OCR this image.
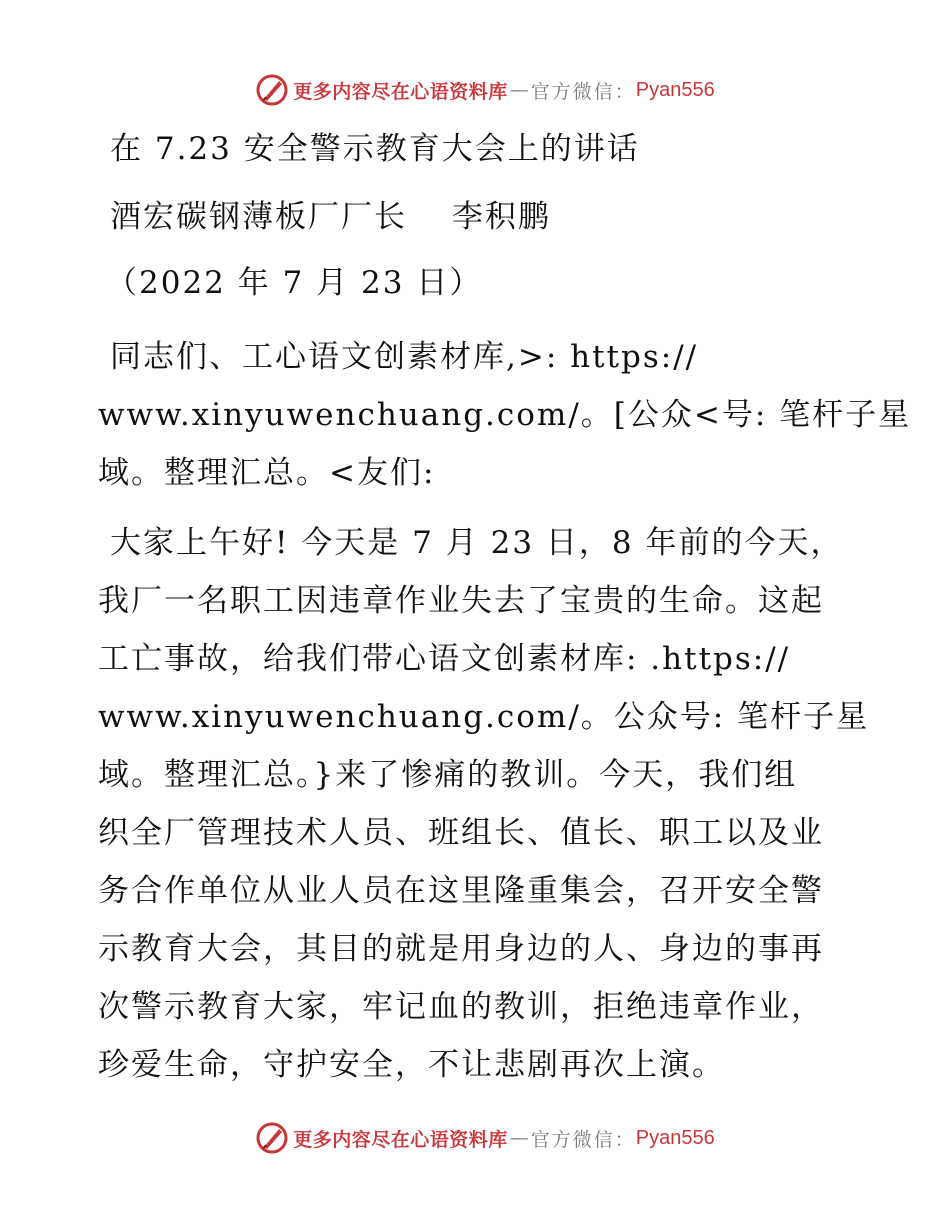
更多内容尽在心语资料库 — 官方微信： Pyan556
在 7.23 安全警示教育大会上的讲话
酒宏碳钢薄板厂厂长　 李积鹏
（2022 年 7 月 23 日）
同志们、工心语文创素材库,>: https://
www.xinyuwenchuang.com/。[公众<号: 笔杆子星
域。整理汇总。<友们:
大家上午好! 今天是 7 月 23 日，8 年前的今天，
我厂一名职工因违章作业失去了宝贵的生命。这起
工亡事故，给我们带心语文创素材库: .https://
www.xinyuwenchuang.com/。公众号: 笔杆子星
域。整理汇总。}来了惨痛的教训。今天，我们组
织全厂管理技术人员、班组长、值长、职工以及业
务合作单位从业人员在这里隆重集会，召开安全警
示教育大会，其目的就是用身边的人、身边的事再
次警示教育大家，牢记血的教训，拒绝违章作业，
珍爱生命，守护安全，不让悲剧再次上演。
更多内容尽在心语资料库 — 官方微信： Pyan556
